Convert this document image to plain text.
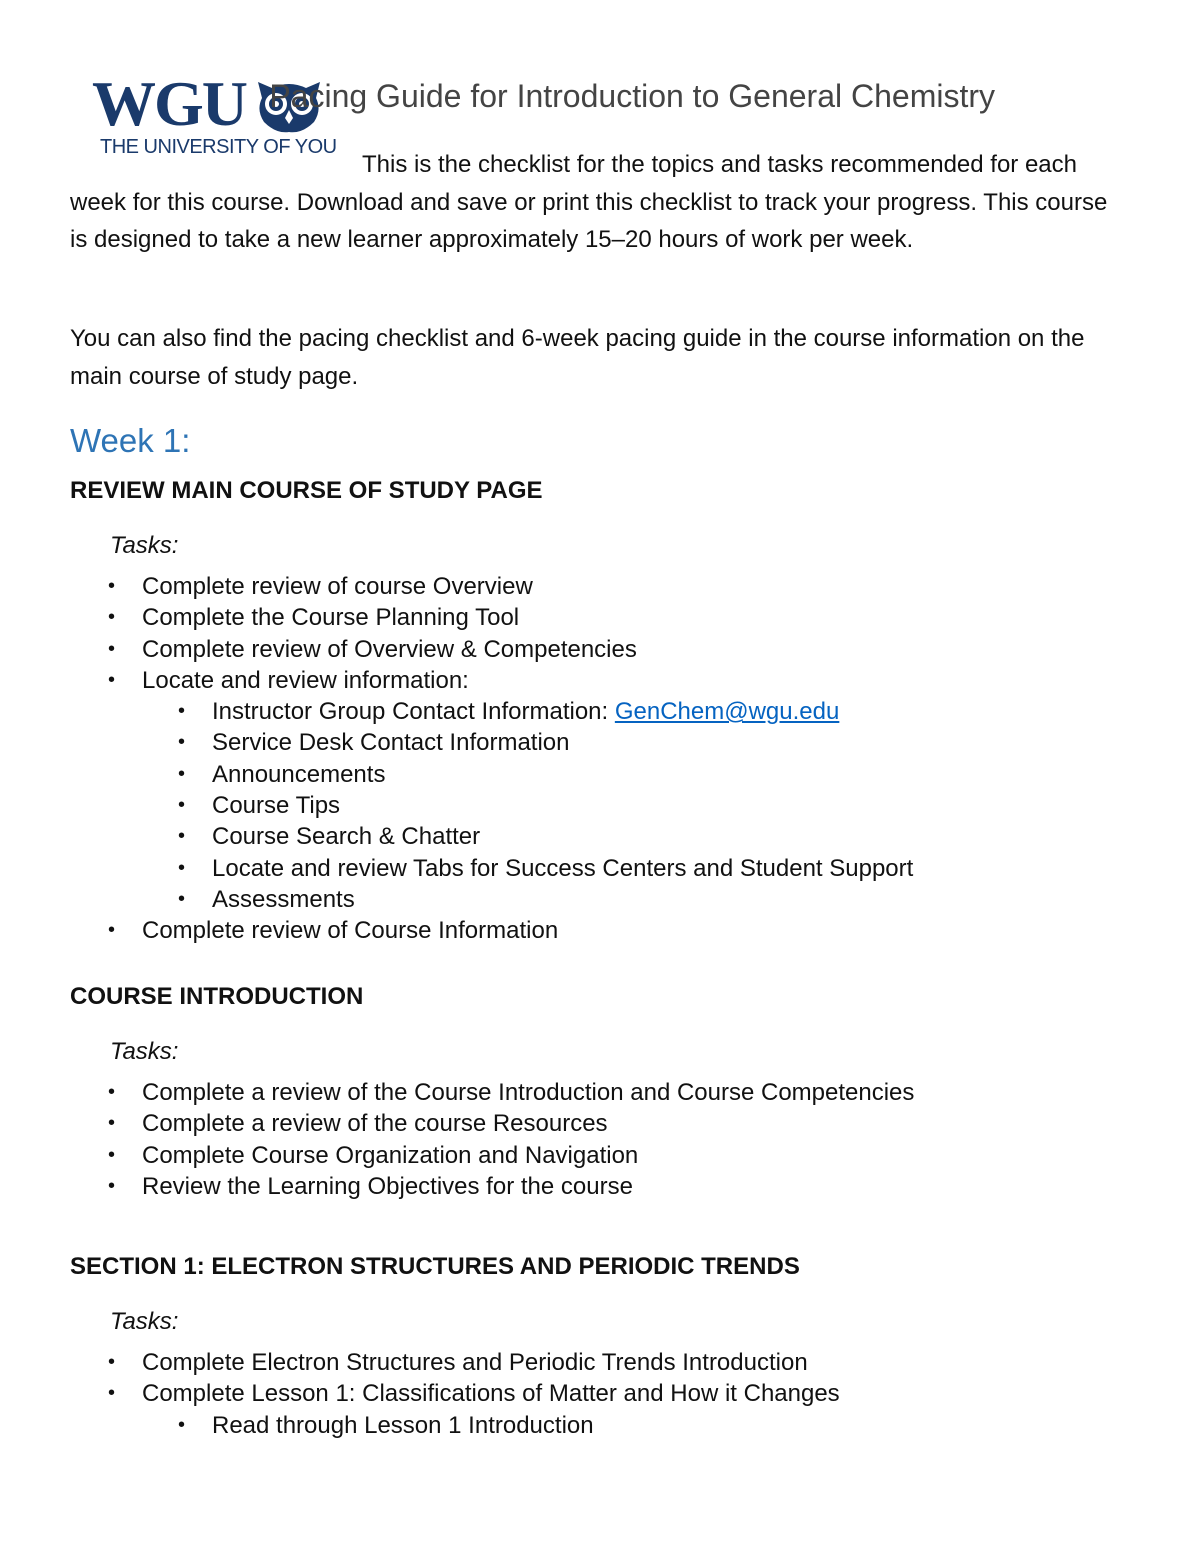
WGU
THE UNIVERSITY OF YOU
Pacing Guide for Introduction to General Chemistry

This is the checklist for the topics and tasks recommended for each week for this course. Download and save or print this checklist to track your progress. This course is designed to take a new learner approximately 15–20 hours of work per week.

You can also find the pacing checklist and 6-week pacing guide in the course information on the main course of study page.

Week 1:
REVIEW MAIN COURSE OF STUDY PAGE
Tasks:
• Complete review of course Overview
• Complete the Course Planning Tool
• Complete review of Overview & Competencies
• Locate and review information:
• Instructor Group Contact Information: GenChem@wgu.edu
• Service Desk Contact Information
• Announcements
• Course Tips
• Course Search & Chatter
• Locate and review Tabs for Success Centers and Student Support
• Assessments
• Complete review of Course Information
COURSE INTRODUCTION
Tasks:
• Complete a review of the Course Introduction and Course Competencies
• Complete a review of the course Resources
• Complete Course Organization and Navigation
• Review the Learning Objectives for the course
SECTION 1: ELECTRON STRUCTURES AND PERIODIC TRENDS
Tasks:
• Complete Electron Structures and Periodic Trends Introduction
• Complete Lesson 1: Classifications of Matter and How it Changes
• Read through Lesson 1 Introduction
